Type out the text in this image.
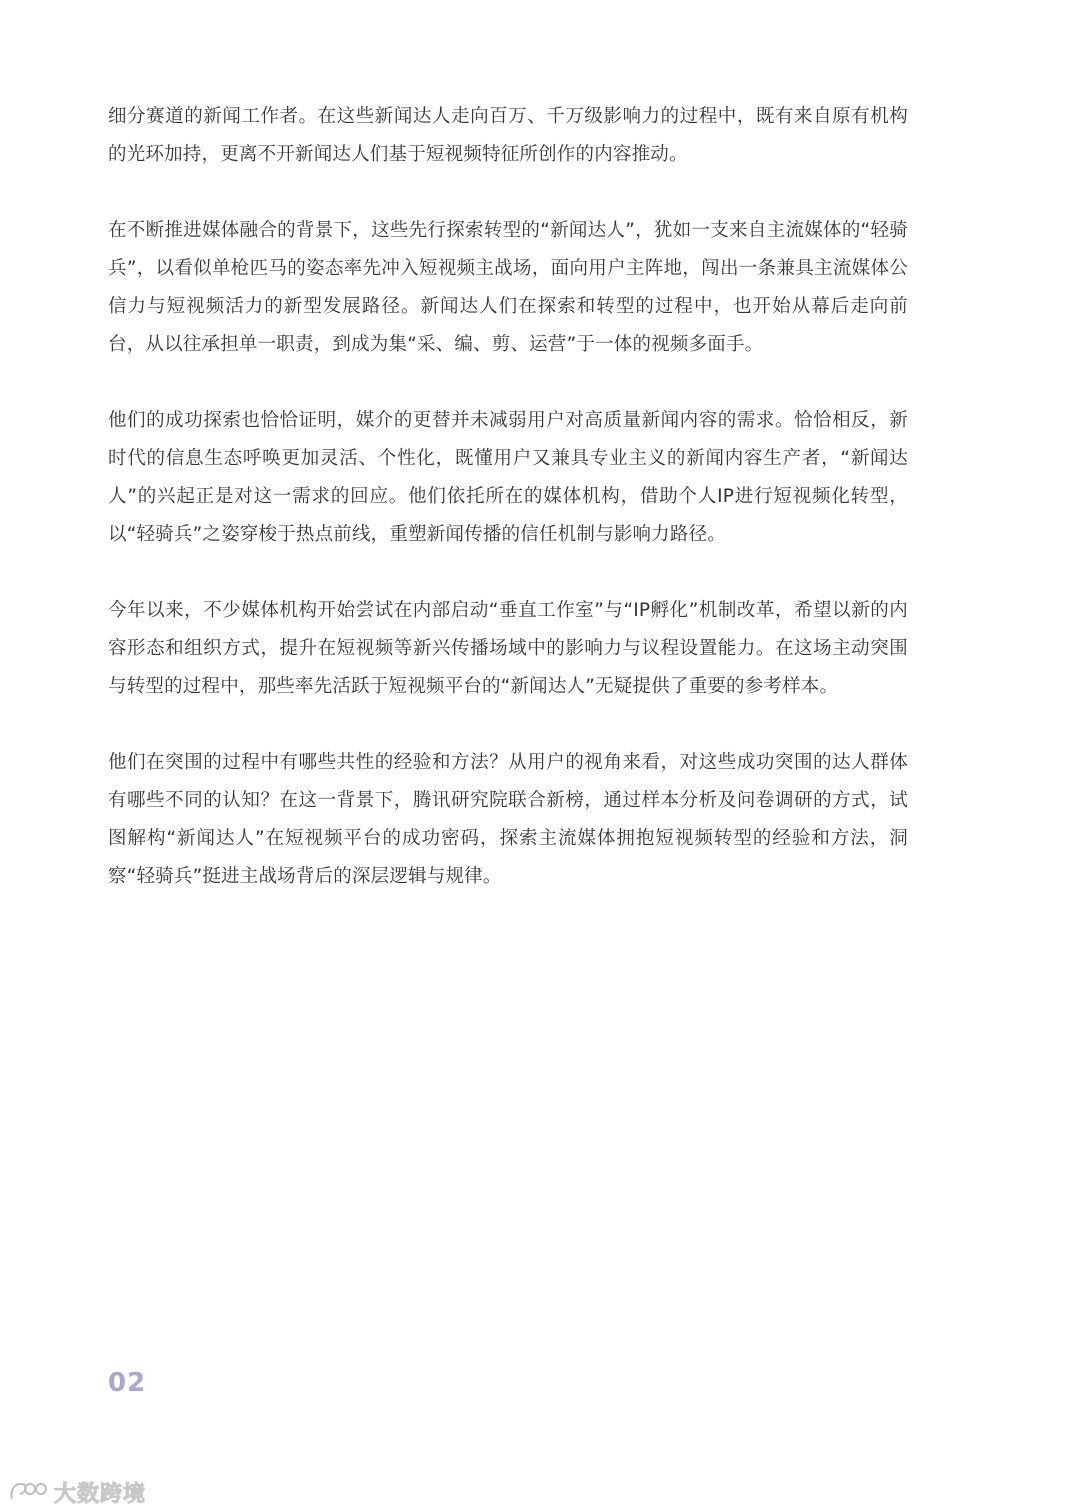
细分赛道的新闻工作者。在这些新闻达人走向百万、千万级影响力的过程中，既有来自原有机构的光环加持，更离不开新闻达人们基于短视频特征所创作的内容推动。

在不断推进媒体融合的背景下，这些先行探索转型的“新闻达人”，犹如一支来自主流媒体的“轻骑兵”，以看似单枪匹马的姿态率先冲入短视频主战场，面向用户主阵地，闯出一条兼具主流媒体公信力与短视频活力的新型发展路径。新闻达人们在探索和转型的过程中，也开始从幕后走向前台，从以往承担单一职责，到成为集“采、编、剪、运营”于一体的视频多面手。

他们的成功探索也恰恰证明，媒介的更替并未减弱用户对高质量新闻内容的需求。恰恰相反，新时代的信息生态呼唤更加灵活、个性化，既懂用户又兼具专业主义的新闻内容生产者，“新闻达人”的兴起正是对这一需求的回应。他们依托所在的媒体机构，借助个人IP进行短视频化转型，以“轻骑兵”之姿穿梭于热点前线，重塑新闻传播的信任机制与影响力路径。

今年以来，不少媒体机构开始尝试在内部启动“垂直工作室”与“IP孵化”机制改革，希望以新的内容形态和组织方式，提升在短视频等新兴传播场域中的影响力与议程设置能力。在这场主动突围与转型的过程中，那些率先活跃于短视频平台的“新闻达人”无疑提供了重要的参考样本。

他们在突围的过程中有哪些共性的经验和方法？从用户的视角来看，对这些成功突围的达人群体有哪些不同的认知？在这一背景下，腾讯研究院联合新榜，通过样本分析及问卷调研的方式，试图解构“新闻达人”在短视频平台的成功密码，探索主流媒体拥抱短视频转型的经验和方法，洞察“轻骑兵”挺进主战场背后的深层逻辑与规律。

02
大数跨境
